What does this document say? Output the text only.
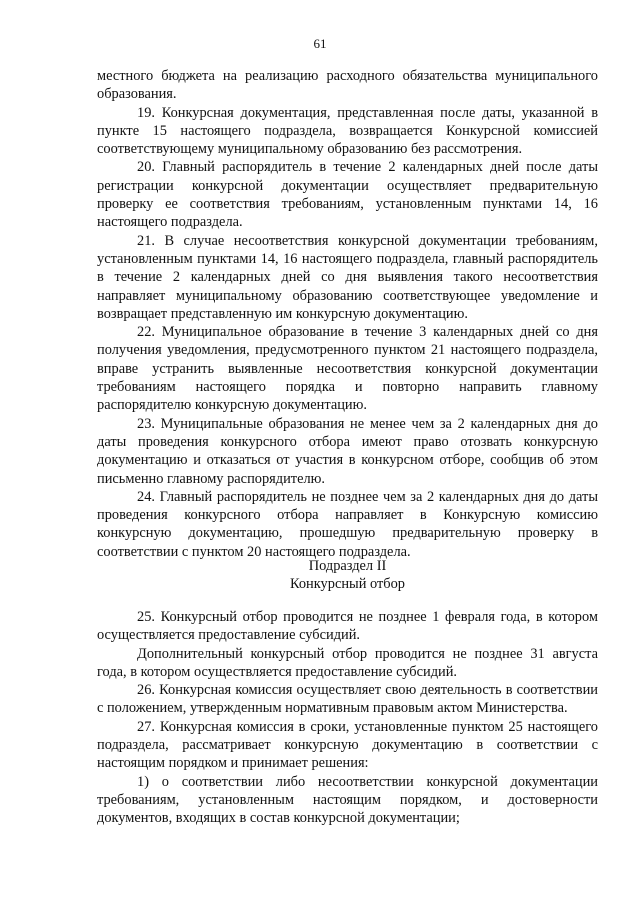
61

местного бюджета на реализацию расходного обязательства муниципального образования.

19. Конкурсная документация, представленная после даты, указанной в пункте 15 настоящего подраздела, возвращается Конкурсной комиссией соответствующему муниципальному образованию без рассмотрения.

20. Главный распорядитель в течение 2 календарных дней после даты регистрации конкурсной документации осуществляет предварительную проверку ее соответствия требованиям, установленным пунктами 14, 16 настоящего подраздела.

21. В случае несоответствия конкурсной документации требованиям, установленным пунктами 14, 16 настоящего подраздела, главный распорядитель в течение 2 календарных дней со дня выявления такого несоответствия направляет муниципальному образованию соответствующее уведомление и возвращает представленную им конкурсную документацию.

22. Муниципальное образование в течение 3 календарных дней со дня получения уведомления, предусмотренного пунктом 21 настоящего подраздела, вправе устранить выявленные несоответствия конкурсной документации требованиям настоящего порядка и повторно направить главному распорядителю конкурсную документацию.

23. Муниципальные образования не менее чем за 2 календарных дня до даты проведения конкурсного отбора имеют право отозвать конкурсную документацию и отказаться от участия в конкурсном отборе, сообщив об этом письменно главному распорядителю.

24. Главный распорядитель не позднее чем за 2 календарных дня до даты проведения конкурсного отбора направляет в Конкурсную комиссию конкурсную документацию, прошедшую предварительную проверку в соответствии с пунктом 20 настоящего подраздела.

Подраздел II
Конкурсный отбор

25. Конкурсный отбор проводится не позднее 1 февраля года, в котором осуществляется предоставление субсидий.

Дополнительный конкурсный отбор проводится не позднее 31 августа года, в котором осуществляется предоставление субсидий.

26. Конкурсная комиссия осуществляет свою деятельность в соответствии с положением, утвержденным нормативным правовым актом Министерства.

27. Конкурсная комиссия в сроки, установленные пунктом 25 настоящего подраздела, рассматривает конкурсную документацию в соответствии с настоящим порядком и принимает решения:

1) о соответствии либо несоответствии конкурсной документации требованиям, установленным настоящим порядком, и достоверности документов, входящих в состав конкурсной документации;
